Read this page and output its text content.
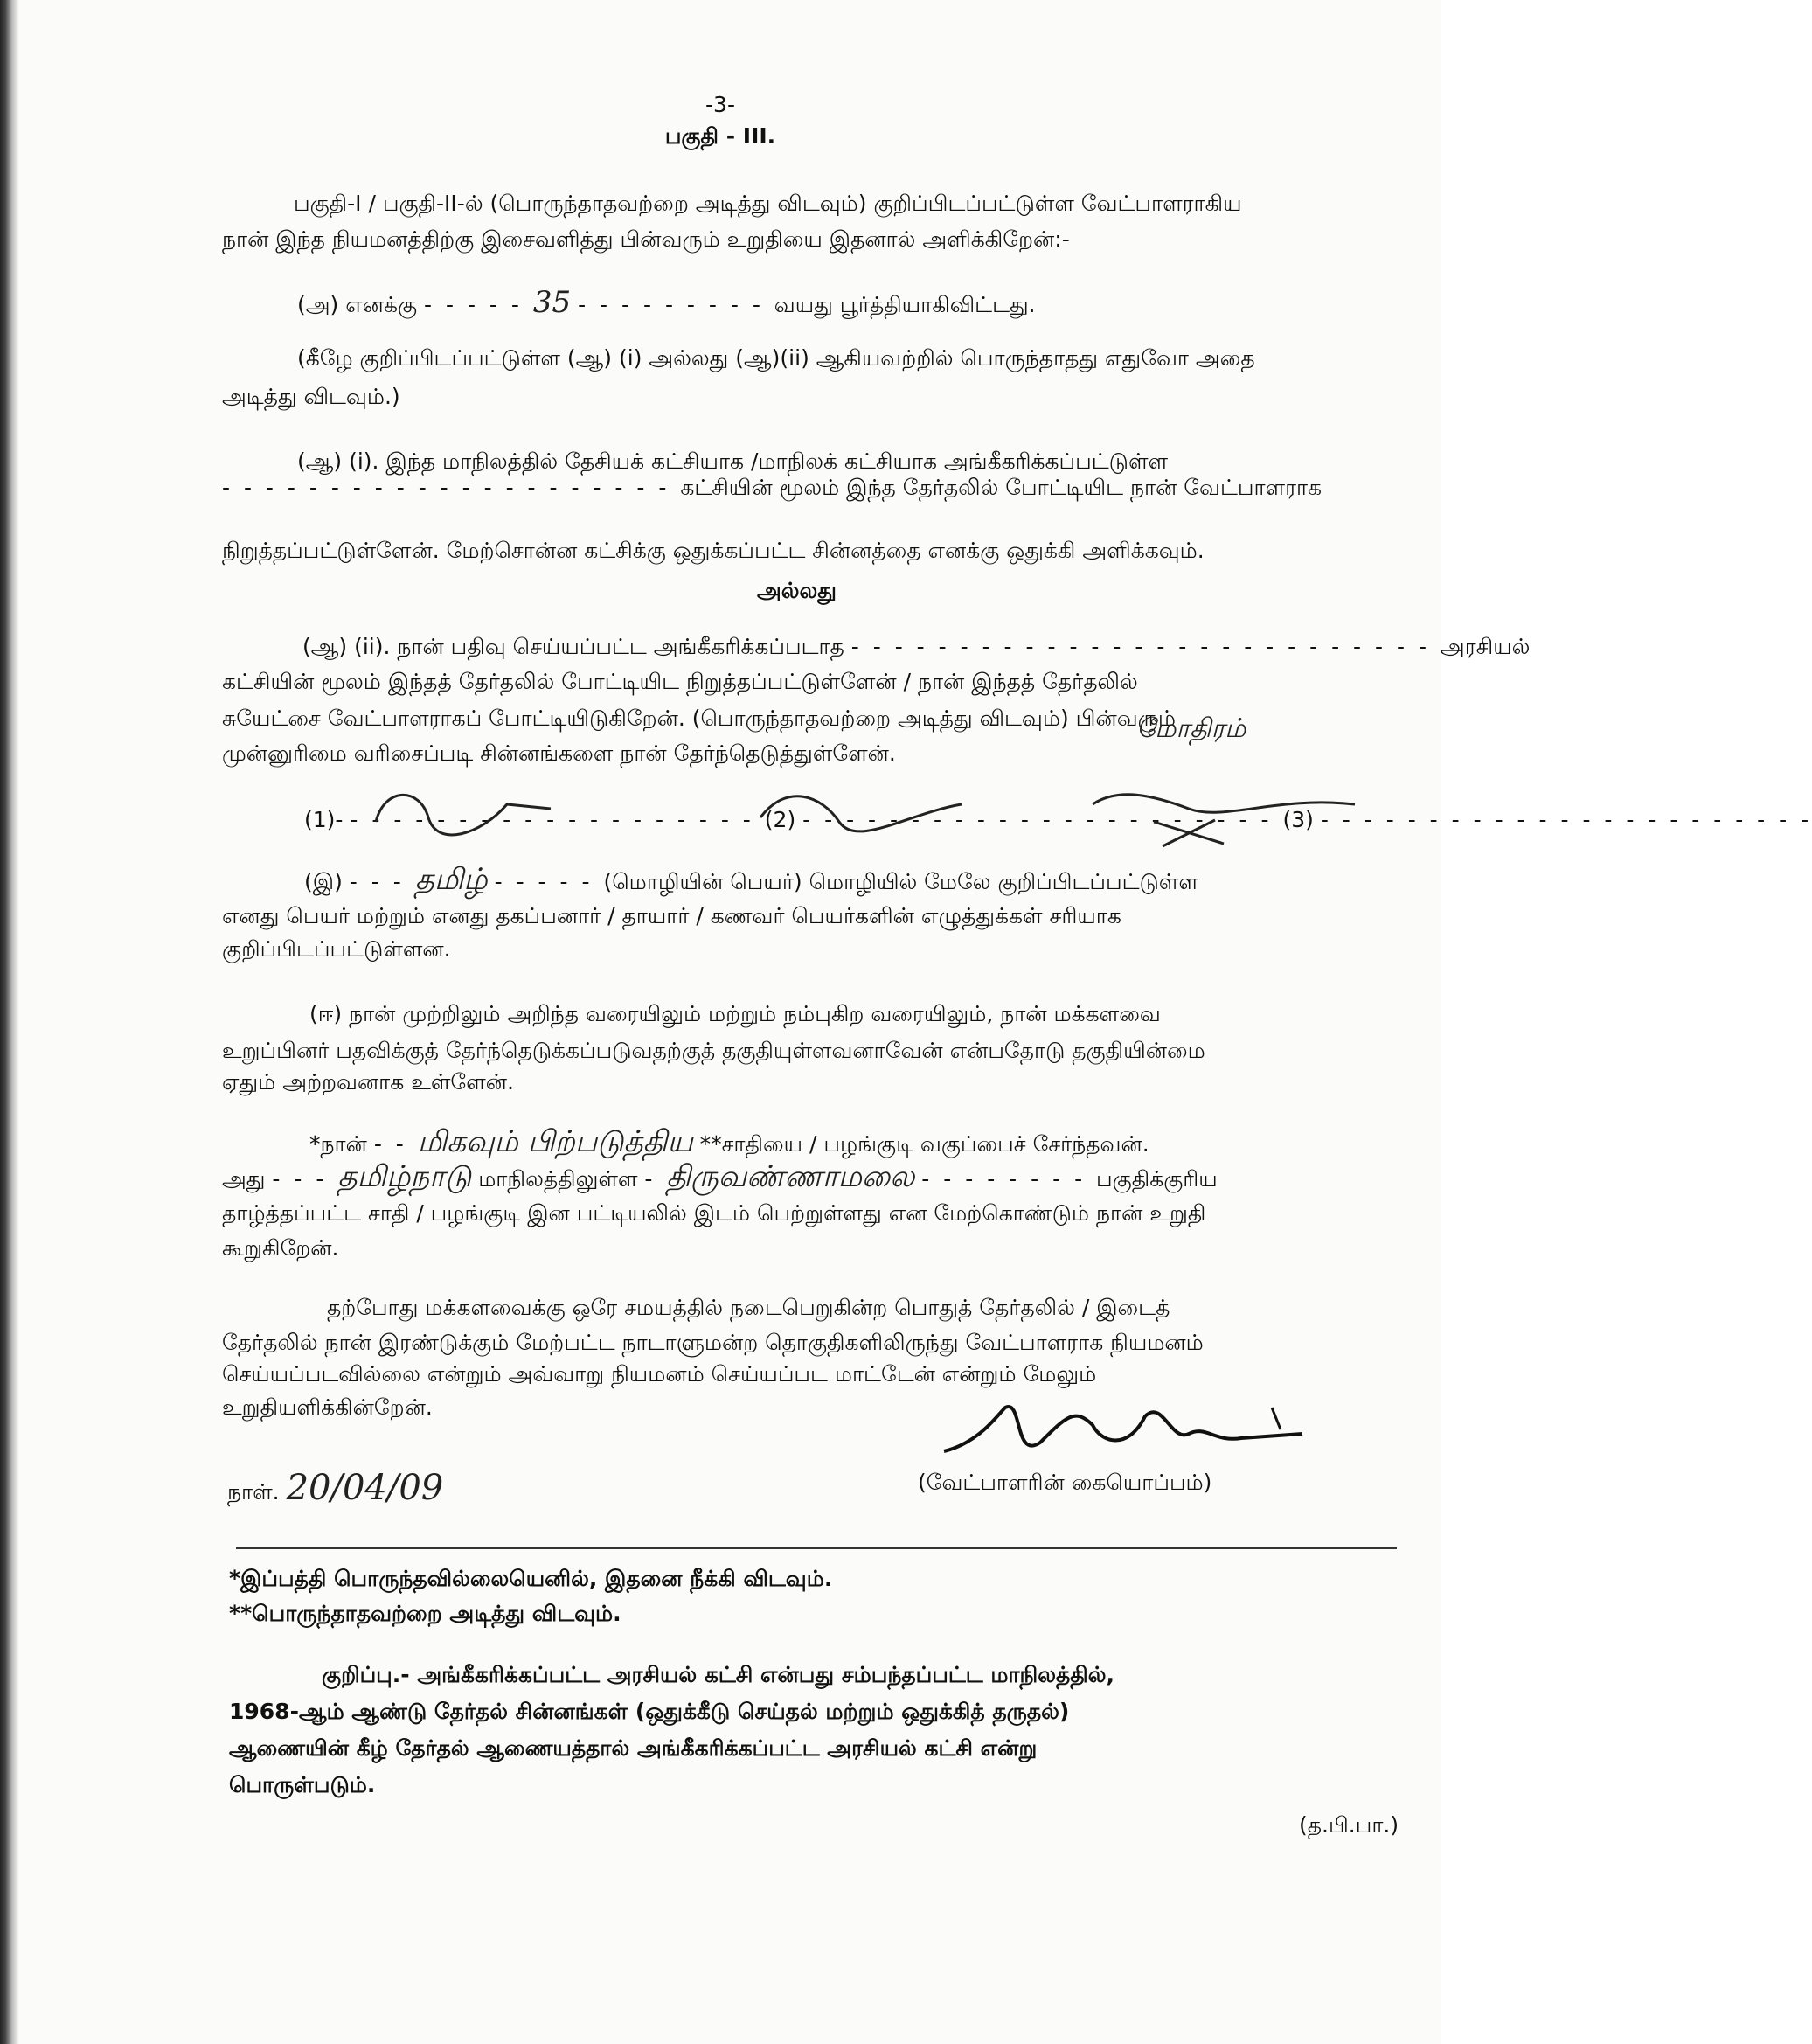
-3-
பகுதி - III.
பகுதி-I / பகுதி-II-ல் (பொருந்தாதவற்றை அடித்து விடவும்) குறிப்பிடப்பட்டுள்ள வேட்பாளராகிய
நான் இந்த நியமனத்திற்கு இசைவளித்து பின்வரும் உறுதியை இதனால் அளிக்கிறேன்:-
(அ) எனக்கு - - - - - 35 - - - - - - - - - வயது பூர்த்தியாகிவிட்டது.
(கீழே குறிப்பிடப்பட்டுள்ள (ஆ) (i) அல்லது (ஆ)(ii) ஆகியவற்றில் பொருந்தாதது எதுவோ அதை
அடித்து விடவும்.)
(ஆ) (i). இந்த மாநிலத்தில் தேசியக் கட்சியாக /மாநிலக் கட்சியாக அங்கீகரிக்கப்பட்டுள்ள
- - - - - - - - - - - - - - - - - - - - - கட்சியின் மூலம் இந்த தேர்தலில் போட்டியிட நான் வேட்பாளராக
நிறுத்தப்பட்டுள்ளேன். மேற்சொன்ன கட்சிக்கு ஒதுக்கப்பட்ட சின்னத்தை எனக்கு ஒதுக்கி அளிக்கவும்.
அல்லது
(ஆ) (ii). நான் பதிவு செய்யப்பட்ட அங்கீகரிக்கப்படாத - - - - - - - - - - - - - - - - - - - - - - - - - - - அரசியல்
கட்சியின் மூலம் இந்தத் தேர்தலில் போட்டியிட நிறுத்தப்பட்டுள்ளேன் / நான் இந்தத் தேர்தலில்
சுயேட்சை வேட்பாளராகப் போட்டியிடுகிறேன். (பொருந்தாதவற்றை அடித்து விடவும்) பின்வரும்
முன்னுரிமை வரிசைப்படி சின்னங்களை நான் தேர்ந்தெடுத்துள்ளேன்.
மோதிரம்
(1)- - - - - - - - - - - - - - - - - - - - (2) - - - - - - - - - - - - - - - - - - - - - - (3) - - - - - - - - - - - - - - - - - - - - - - -
(இ) - - - தமிழ் - - - - - (மொழியின் பெயர்) மொழியில் மேலே குறிப்பிடப்பட்டுள்ள
எனது பெயர் மற்றும் எனது தகப்பனார் / தாயார் / கணவர் பெயர்களின் எழுத்துக்கள் சரியாக
குறிப்பிடப்பட்டுள்ளன.
(ஈ) நான் முற்றிலும் அறிந்த வரையிலும் மற்றும் நம்புகிற வரையிலும், நான் மக்களவை
உறுப்பினர் பதவிக்குத் தேர்ந்தெடுக்கப்படுவதற்குத் தகுதியுள்ளவனாவேன் என்பதோடு தகுதியின்மை
ஏதும் அற்றவனாக உள்ளேன்.
*நான் - - மிகவும் பிற்படுத்திய **சாதியை / பழங்குடி வகுப்பைச் சேர்ந்தவன்.
அது - - - தமிழ்நாடு மாநிலத்திலுள்ள - திருவண்ணாமலை - - - - - - - - பகுதிக்குரிய
தாழ்த்தப்பட்ட சாதி / பழங்குடி இன பட்டியலில் இடம் பெற்றுள்ளது என மேற்கொண்டும் நான் உறுதி
கூறுகிறேன்.
தற்போது மக்களவைக்கு ஒரே சமயத்தில் நடைபெறுகின்ற பொதுத் தேர்தலில் / இடைத்
தேர்தலில் நான் இரண்டுக்கும் மேற்பட்ட நாடாளுமன்ற தொகுதிகளிலிருந்து வேட்பாளராக நியமனம்
செய்யப்படவில்லை என்றும் அவ்வாறு நியமனம் செய்யப்பட மாட்டேன் என்றும் மேலும்
உறுதியளிக்கின்றேன்.
(வேட்பாளரின் கையொப்பம்)
நாள். 20/04/09
*இப்பத்தி பொருந்தவில்லையெனில், இதனை நீக்கி விடவும்.
**பொருந்தாதவற்றை அடித்து விடவும்.
குறிப்பு.- அங்கீகரிக்கப்பட்ட அரசியல் கட்சி என்பது சம்பந்தப்பட்ட மாநிலத்தில்,
1968-ஆம் ஆண்டு தேர்தல் சின்னங்கள் (ஒதுக்கீடு செய்தல் மற்றும் ஒதுக்கித் தருதல்)
ஆணையின் கீழ் தேர்தல் ஆணையத்தால் அங்கீகரிக்கப்பட்ட அரசியல் கட்சி என்று
பொருள்படும்.
(த.பி.பா.)
